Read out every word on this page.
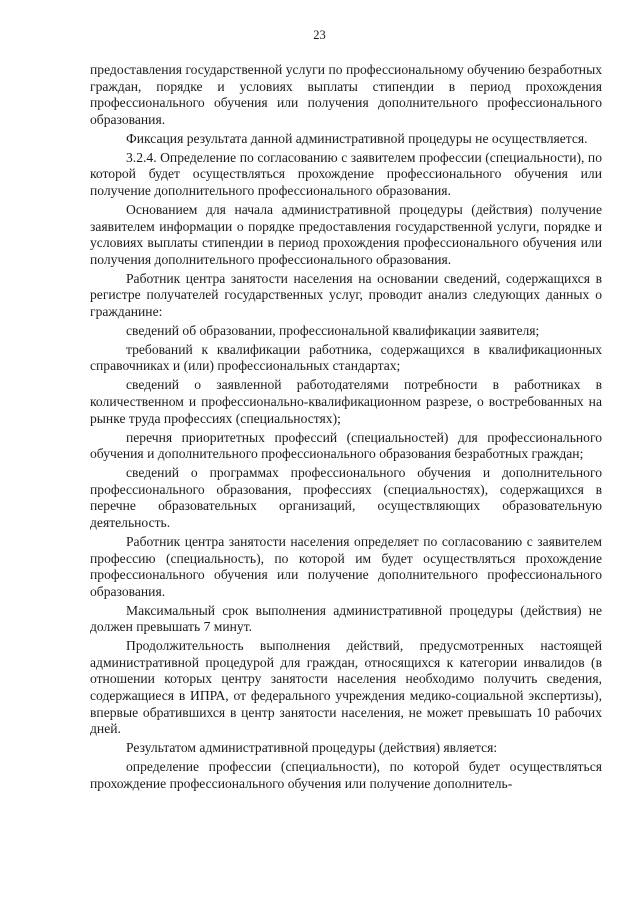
23

предоставления государственной услуги по профессиональному обучению безработных граждан, порядке и условиях выплаты стипендии в период прохождения профессионального обучения или получения дополнительного профессионального образования.

Фиксация результата данной административной процедуры не осуществляется.

3.2.4. Определение по согласованию с заявителем профессии (специальности), по которой будет осуществляться прохождение профессионального обучения или получение дополнительного профессионального образования.

Основанием для начала административной процедуры (действия) получение заявителем информации о порядке предоставления государственной услуги, порядке и условиях выплаты стипендии в период прохождения профессионального обучения или получения дополнительного профессионального образования.

Работник центра занятости населения на основании сведений, содержащихся в регистре получателей государственных услуг, проводит анализ следующих данных о гражданине:

сведений об образовании, профессиональной квалификации заявителя;

требований к квалификации работника, содержащихся в квалификационных справочниках и (или) профессиональных стандартах;

сведений о заявленной работодателями потребности в работниках в количественном и профессионально-квалификационном разрезе, о востребованных на рынке труда профессиях (специальностях);

перечня приоритетных профессий (специальностей) для профессионального обучения и дополнительного профессионального образования безработных граждан;

сведений о программах профессионального обучения и дополнительного профессионального образования, профессиях (специальностях), содержащихся в перечне образовательных организаций, осуществляющих образовательную деятельность.

Работник центра занятости населения определяет по согласованию с заявителем профессию (специальность), по которой им будет осуществляться прохождение профессионального обучения или получение дополнительного профессионального образования.

Максимальный срок выполнения административной процедуры (действия) не должен превышать 7 минут.

Продолжительность выполнения действий, предусмотренных настоящей административной процедурой для граждан, относящихся к категории инвалидов (в отношении которых центру занятости населения необходимо получить сведения, содержащиеся в ИПРА, от федерального учреждения медико-социальной экспертизы), впервые обратившихся в центр занятости населения, не может превышать 10 рабочих дней.

Результатом административной процедуры (действия) является:

определение профессии (специальности), по которой будет осуществляться прохождение профессионального обучения или получение дополнитель-
